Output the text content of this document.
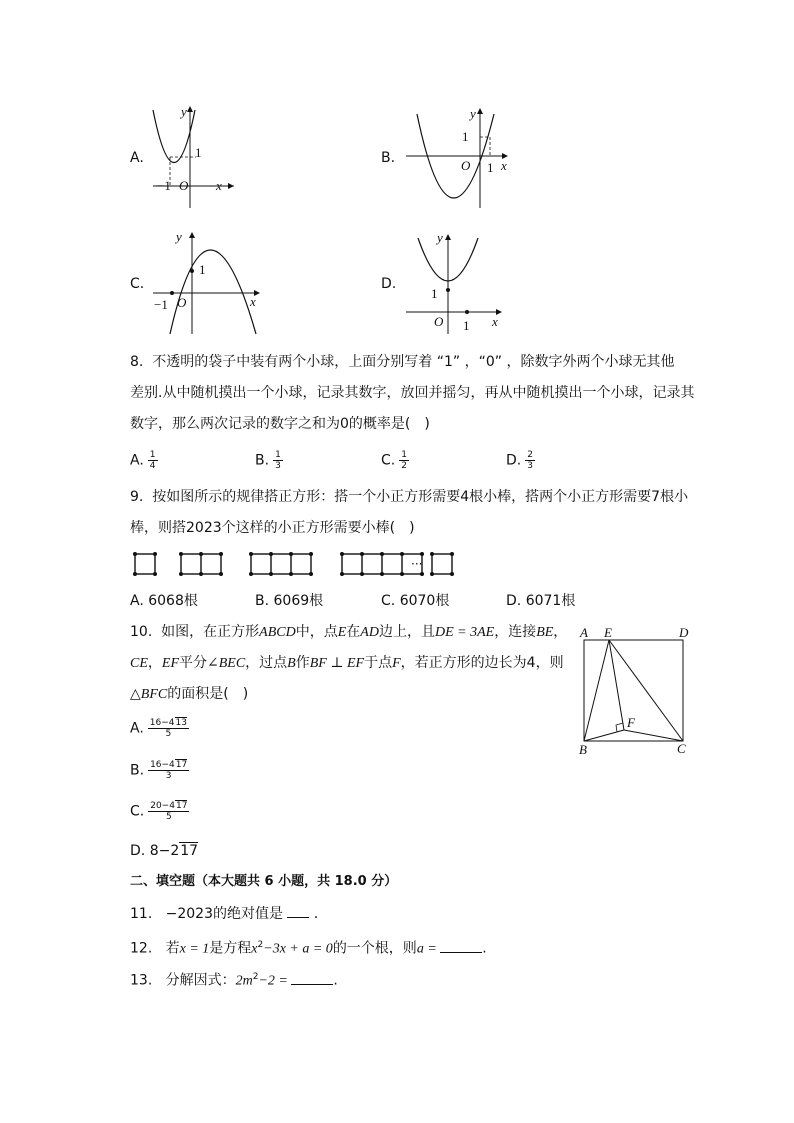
A.
y
x
O
1
−1
B.
y
x
O
1
1
C.
y
x
O
1
−1
D.
y
x
O
1
1
8. 不透明的袋子中装有两个小球，上面分别写着 “1” ，“0” ，除数字外两个小球无其他
差别.从中随机摸出一个小球，记录其数字，放回并摇匀，再从中随机摸出一个小球，记录其
数字，那么两次记录的数字之和为0的概率是(　)
A. $\frac{1}{4}$	B. $\frac{1}{3}$	C. $\frac{1}{2}$	D. $\frac{2}{3}$
9. 按如图所示的规律搭正方形：搭一个小正方形需要4根小棒，搭两个小正方形需要7根小
棒，则搭2023个这样的小正方形需要小棒(　)
···
A. 6068根	B. 6069根	C. 6070根	D. 6071根
10. 如图，在正方形ABCD中，点E在AD边上，且DE = 3AE，连接BE，
CE，EF平分∠BEC，过点B作BF ⊥ EF于点F，若正方形的边长为4，则
△BFC的面积是(　)
A E	D
B	C
F
A. $\frac{16-413}{5}$
B. $\frac{16-417}{3}$
C. $\frac{20-417}{5}$
D. 8−217
二、填空题（本大题共 6 小题，共 18.0 分）
11. −2023的绝对值是 ．
12. 若x = 1是方程$x^2-3x + a = 0$的一个根，则a =	.
13. 分解因式：$2m^2-2$ =	.
